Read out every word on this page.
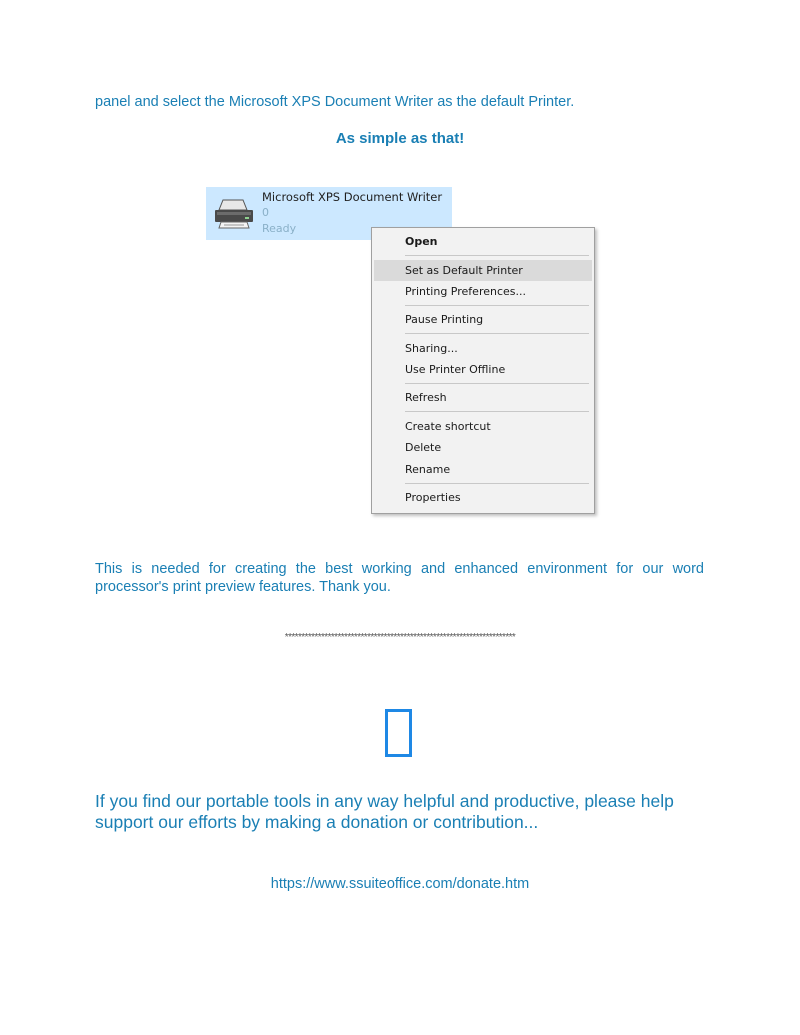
panel and select the Microsoft XPS Document Writer as the default Printer.
As simple as that!
Microsoft XPS Document Writer
0
Ready
Open
Set as Default Printer
Printing Preferences...
Pause Printing
Sharing...
Use Printer Offline
Refresh
Create shortcut
Delete
Rename
Properties
This is needed for creating the best working and enhanced environment for our word processor's print preview features. Thank you.
**********************************************************************
If you find our portable tools in any way helpful and productive, please help support our efforts by making a donation or contribution...
https://www.ssuiteoffice.com/donate.htm
